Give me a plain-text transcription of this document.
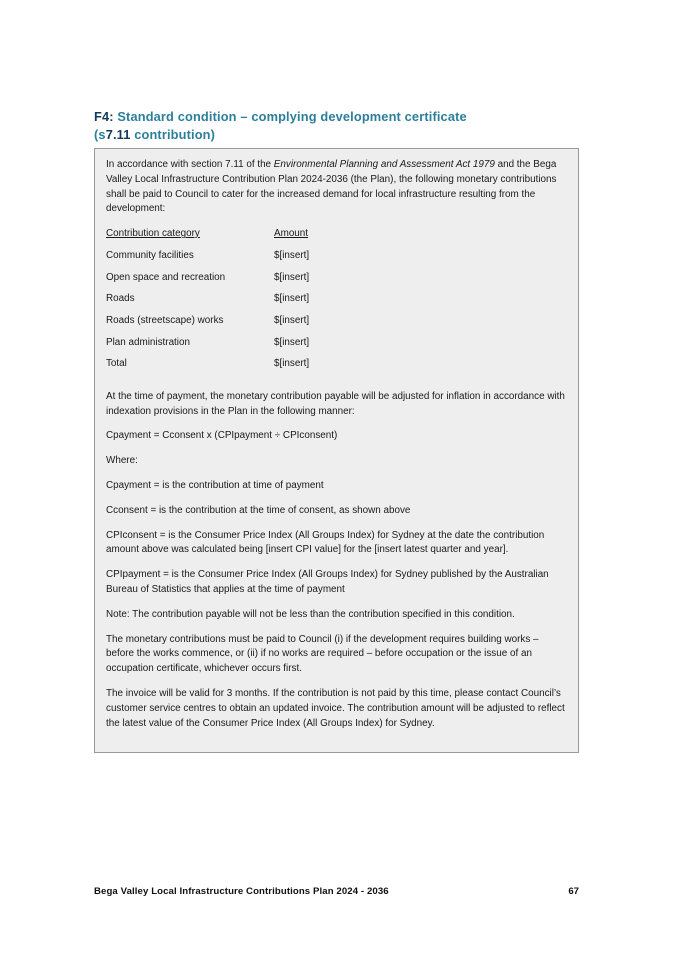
F4: Standard condition – complying development certificate
(s7.11 contribution)

In accordance with section 7.11 of the Environmental Planning and Assessment Act 1979 and the Bega Valley Local Infrastructure Contribution Plan 2024-2036 (the Plan), the following monetary contributions shall be paid to Council to cater for the increased demand for local infrastructure resulting from the development:

Contribution category	Amount
Community facilities	$[insert]
Open space and recreation	$[insert]
Roads	$[insert]
Roads (streetscape) works	$[insert]
Plan administration	$[insert]
Total	$[insert]

At the time of payment, the monetary contribution payable will be adjusted for inflation in accordance with indexation provisions in the Plan in the following manner:

Cpayment = Cconsent x (CPIpayment ÷ CPIconsent)

Where:

Cpayment = is the contribution at time of payment

Cconsent = is the contribution at the time of consent, as shown above

CPIconsent = is the Consumer Price Index (All Groups Index) for Sydney at the date the contribution amount above was calculated being [insert CPI value] for the [insert latest quarter and year].

CPIpayment = is the Consumer Price Index (All Groups Index) for Sydney published by the Australian Bureau of Statistics that applies at the time of payment

Note: The contribution payable will not be less than the contribution specified in this condition.

The monetary contributions must be paid to Council (i) if the development requires building works – before the works commence, or (ii) if no works are required – before occupation or the issue of an occupation certificate, whichever occurs first.

The invoice will be valid for 3 months. If the contribution is not paid by this time, please contact Council’s customer service centres to obtain an updated invoice. The contribution amount will be adjusted to reflect the latest value of the Consumer Price Index (All Groups Index) for Sydney.

Bega Valley Local Infrastructure Contributions Plan 2024 - 2036	67
